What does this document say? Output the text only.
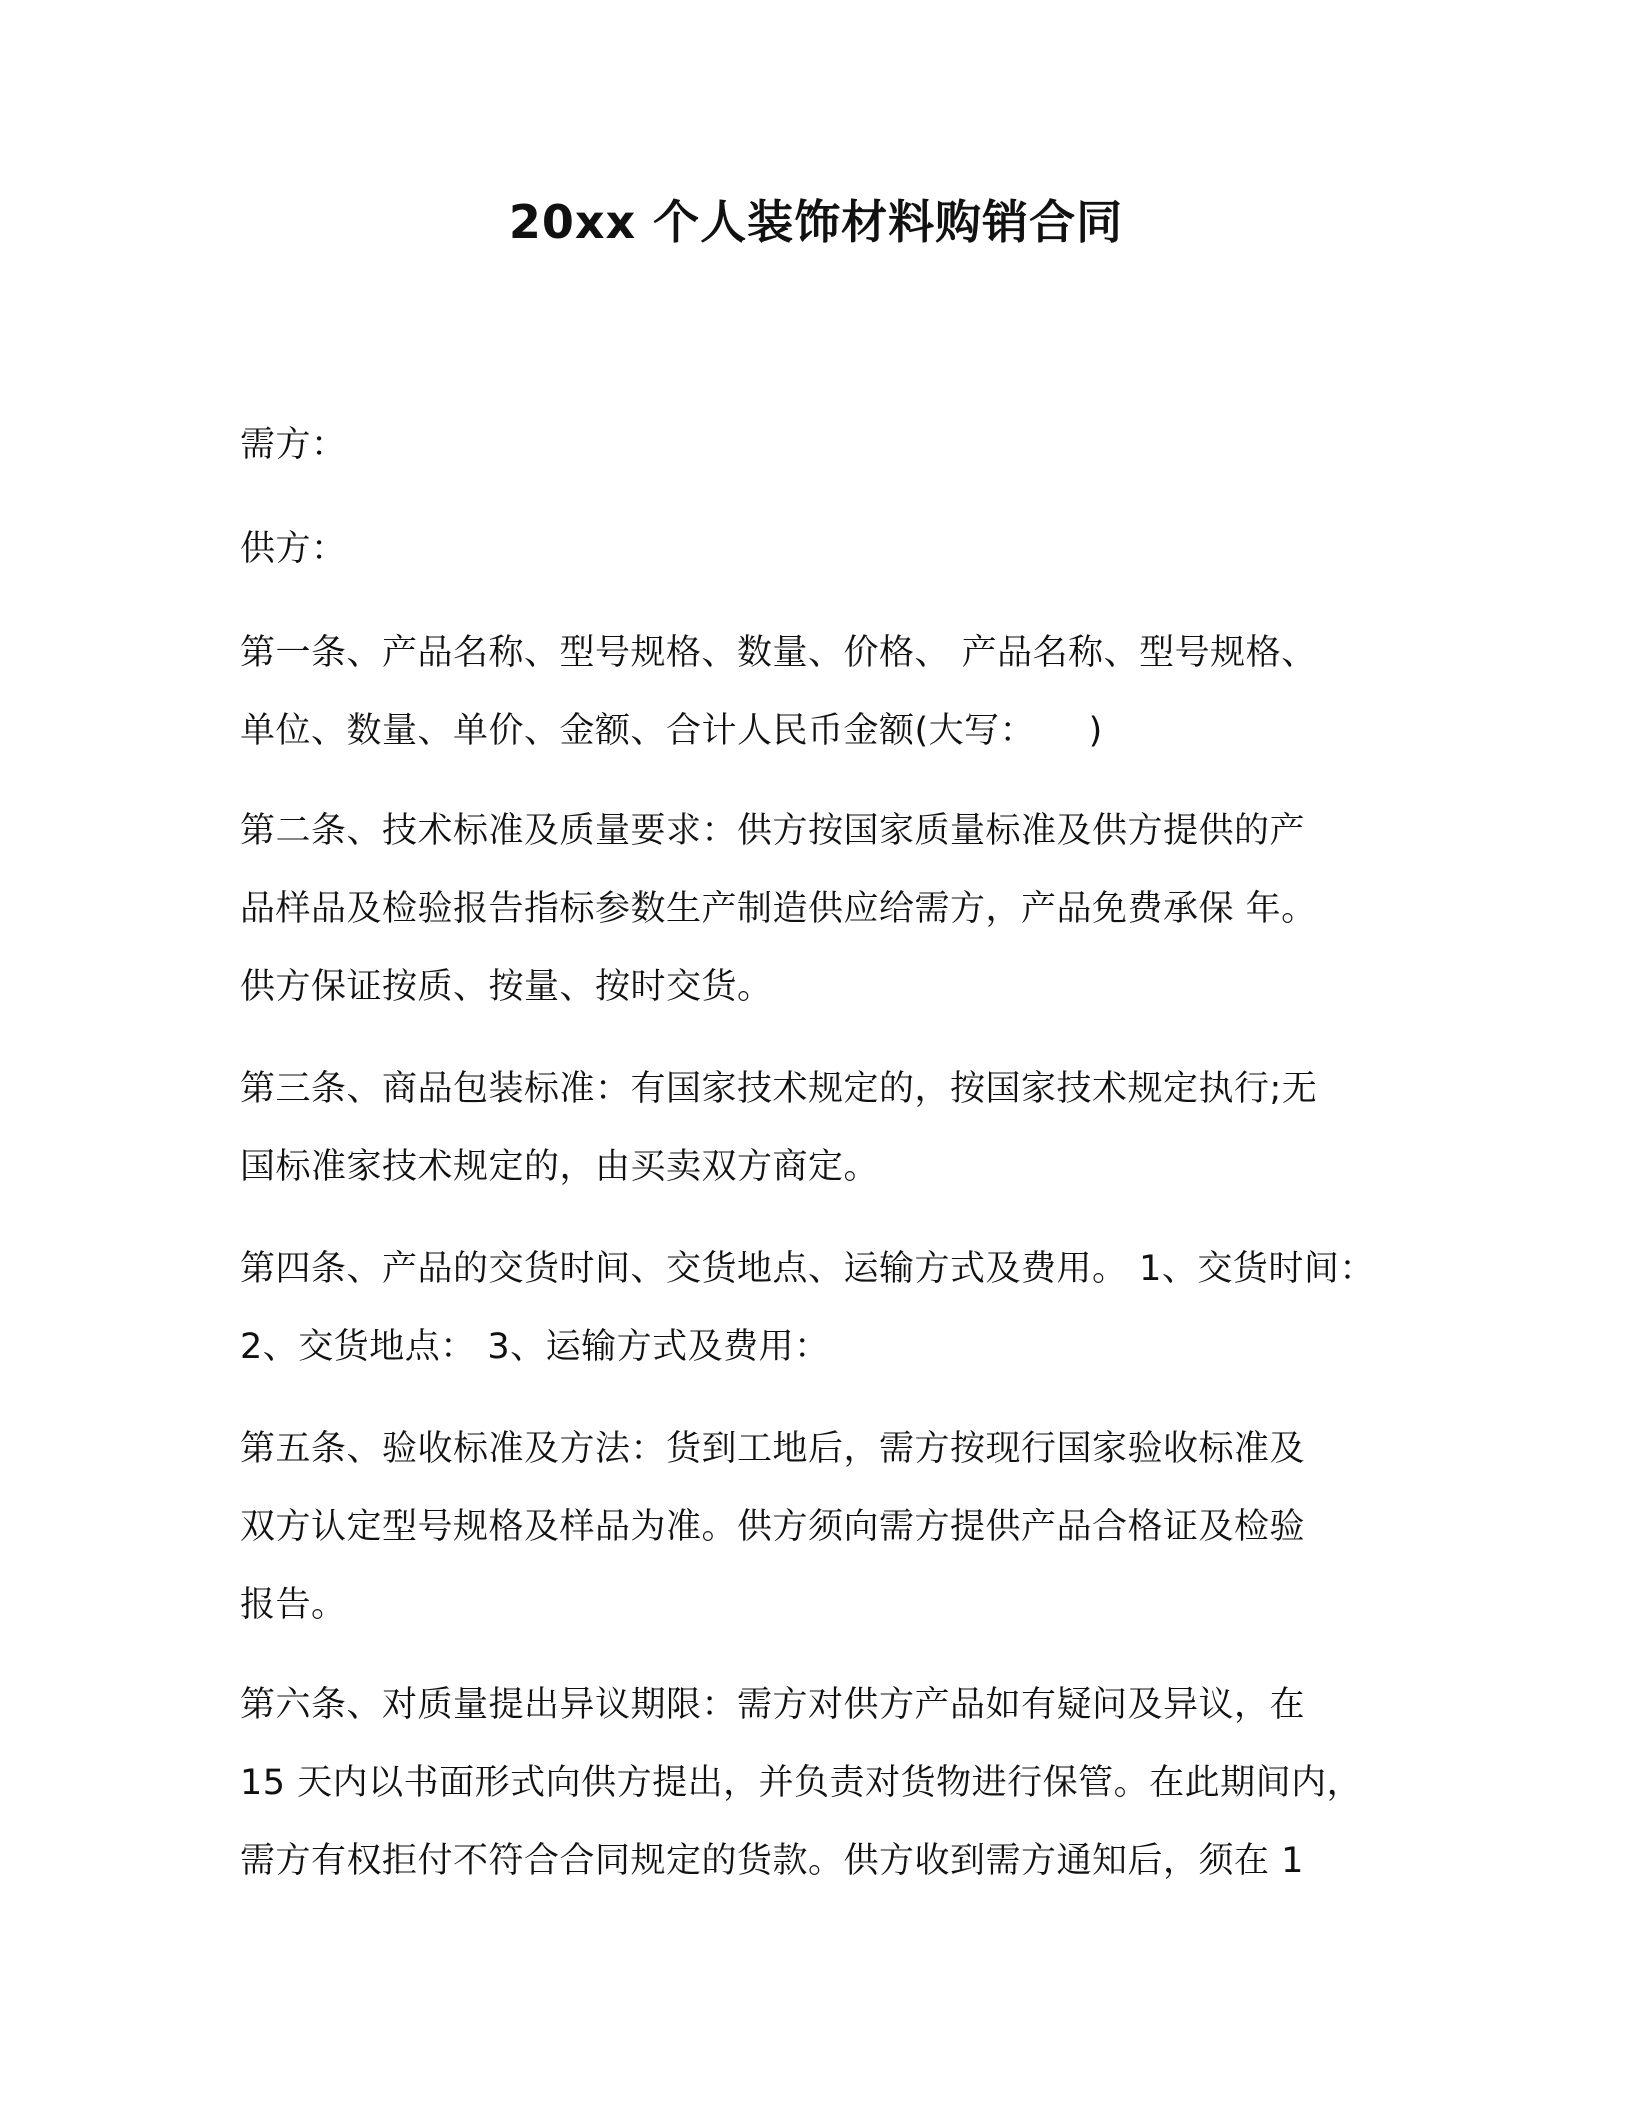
20xx 个人装饰材料购销合同
需方：
供方：
第一条、产品名称、型号规格、数量、价格、 产品名称、型号规格、
单位、数量、单价、金额、合计人民币金额(大写：　　)
第二条、技术标准及质量要求：供方按国家质量标准及供方提供的产
品样品及检验报告指标参数生产制造供应给需方，产品免费承保 年。
供方保证按质、按量、按时交货。
第三条、商品包装标准：有国家技术规定的，按国家技术规定执行;无
国标准家技术规定的，由买卖双方商定。
第四条、产品的交货时间、交货地点、运输方式及费用。 1、交货时间：
2、交货地点： 3、运输方式及费用：
第五条、验收标准及方法：货到工地后，需方按现行国家验收标准及
双方认定型号规格及样品为准。供方须向需方提供产品合格证及检验
报告。
第六条、对质量提出异议期限：需方对供方产品如有疑问及异议，在
15 天内以书面形式向供方提出，并负责对货物进行保管。在此期间内，
需方有权拒付不符合合同规定的货款。供方收到需方通知后，须在 1
